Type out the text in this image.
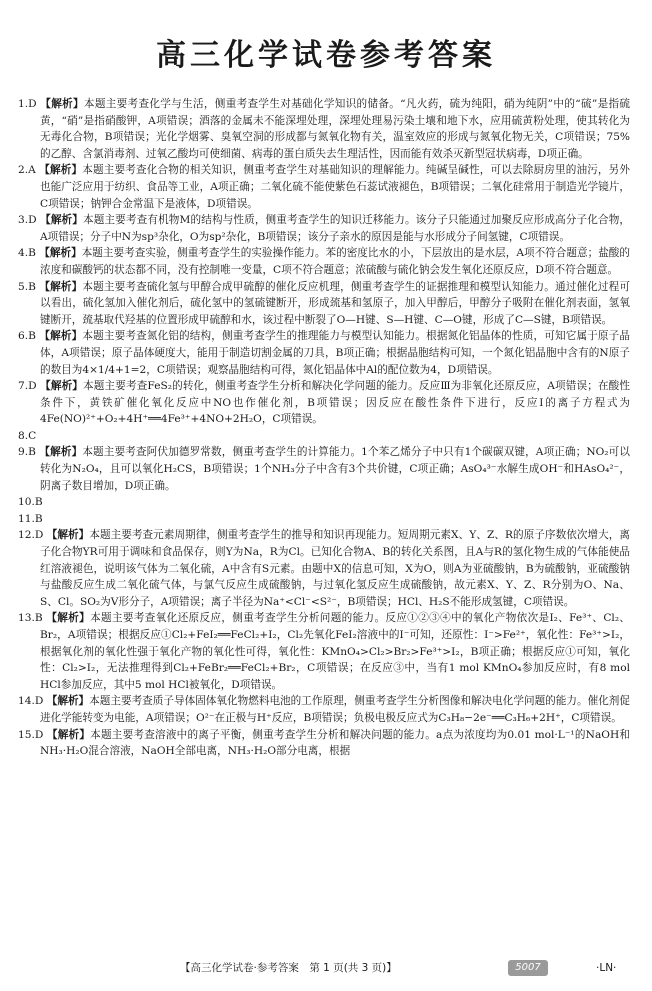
高三化学试卷参考答案

1.D 【解析】本题主要考查化学与生活，侧重考查学生对基础化学知识的储备。“凡火药，硫为纯阳，硝为纯阴”中的“硫”是指硫黄，“硝”是指硝酸钾，A项错误；酒落的金属未不能深埋处理，深埋处理易污染土壤和地下水，应用硫黄粉处理，使其转化为无毒化合物，B项错误；光化学烟雾、臭氧空洞的形成都与氮氧化物有关，温室效应的形成与氮氧化物无关，C项错误；75%的乙醇、含氯消毒剂、过氧乙酸均可使细菌、病毒的蛋白质失去生理活性，因而能有效杀灭新型冠状病毒，D项正确。

2.A 【解析】本题主要考查化合物的相关知识，侧重考查学生对基础知识的理解能力。纯碱呈碱性，可以去除厨房里的油污，另外也能广泛应用于纺织、食品等工业，A项正确；二氧化硫不能使紫色石蕊试液褪色，B项错误；二氧化硅常用于制造光学镜片，C项错误；钠钾合金常温下是液体，D项错误。

3.D 【解析】本题主要考查有机物M的结构与性质，侧重考查学生的知识迁移能力。该分子只能通过加聚反应形成高分子化合物，A项错误；分子中N为sp³杂化，O为sp²杂化，B项错误；该分子亲水的原因是能与水形成分子间氢键，C项错误。

4.B 【解析】本题主要考查实验，侧重考查学生的实验操作能力。苯的密度比水的小，下层放出的是水层，A项不符合题意；盐酸的浓度和碳酸钙的状态都不同，没有控制唯一变量，C项不符合题意；浓硫酸与硫化钠会发生氧化还原反应，D项不符合题意。

5.B 【解析】本题主要考查硫化氢与甲醇合成甲硫醇的催化反应机理，侧重考查学生的证据推理和模型认知能力。通过催化过程可以看出，硫化氢加入催化剂后，硫化氢中的氢硫键断开，形成巯基和氢原子，加入甲醇后，甲醇分子吸附在催化剂表面，氢氧键断开，巯基取代羟基的位置形成甲硫醇和水，该过程中断裂了O—H键、S—H键、C—O键，形成了C—S键，B项错误。

6.B 【解析】本题主要考查氮化铝的结构，侧重考查学生的推理能力与模型认知能力。根据氮化铝晶体的性质，可知它属于原子晶体，A项错误；原子晶体硬度大，能用于制造切割金属的刀具，B项正确；根据晶胞结构可知，一个氮化铝晶胞中含有的N原子的数目为4×1/4+1=2，C项错误；观察晶胞结构可得，氮化铝晶体中Al的配位数为4，D项错误。

7.D 【解析】本题主要考查FeS₂的转化，侧重考查学生分析和解决化学问题的能力。反应Ⅲ为非氧化还原反应，A项错误；在酸性条件下，黄铁矿催化氧化反应中NO也作催化剂，B项错误；因反应在酸性条件下进行，反应Ⅰ的离子方程式为4Fe(NO)²⁺+O₂+4H⁺══4Fe³⁺+4NO+2H₂O，C项错误。

8.C

9.B 【解析】本题主要考查阿伏加德罗常数，侧重考查学生的计算能力。1个苯乙烯分子中只有1个碳碳双键，A项正确；NO₂可以转化为N₂O₄，且可以氧化H₂CS，B项错误；1个NH₃分子中含有3个共价键，C项正确；AsO₄³⁻水解生成OH⁻和HAsO₄²⁻，阴离子数目增加，D项正确。

10.B

11.B

12.D 【解析】本题主要考查元素周期律，侧重考查学生的推导和知识再现能力。短周期元素X、Y、Z、R的原子序数依次增大，离子化合物YR可用于调味和食品保存，则Y为Na，R为Cl。已知化合物A、B的转化关系图，且A与R的氢化物生成的气体能使品红溶液褪色，说明该气体为二氧化硫，A中含有S元素。由题中X的信息可知，X为O，则A为亚硫酸钠，B为硫酸钠，亚硫酸钠与盐酸反应生成二氧化硫气体，与氯气反应生成硫酸钠，与过氧化氢反应生成硫酸钠，故元素X、Y、Z、R分别为O、Na、S、Cl。SO₂为V形分子，A项错误；离子半径为Na⁺<Cl⁻<S²⁻，B项错误；HCl、H₂S不能形成氢键，C项错误。

13.B 【解析】本题主要考查氧化还原反应，侧重考查学生分析问题的能力。反应①②③④中的氧化产物依次是I₂、Fe³⁺、Cl₂、Br₂，A项错误；根据反应①Cl₂+FeI₂══FeCl₂+I₂，Cl₂先氧化FeI₂溶液中的I⁻可知，还原性：I⁻>Fe²⁺，氧化性：Fe³⁺>I₂，根据氧化剂的氧化性强于氧化产物的氧化性可得，氧化性：KMnO₄>Cl₂>Br₂>Fe³⁺>I₂，B项正确；根据反应①可知，氧化性：Cl₂>I₂，无法推理得到Cl₂+FeBr₂══FeCl₂+Br₂，C项错误；在反应③中，当有1 mol KMnO₄参加反应时，有8 mol HCl参加反应，其中5 mol HCl被氧化，D项错误。

14.D 【解析】本题主要考查质子导体固体氧化物燃料电池的工作原理，侧重考查学生分析图像和解决电化学问题的能力。催化剂促进化学能转变为电能，A项错误；O²⁻在正极与H⁺反应，B项错误；负极电极反应式为C₃H₈−2e⁻══C₃H₆+2H⁺，C项错误。

15.D 【解析】本题主要考查溶液中的离子平衡，侧重考查学生分析和解决问题的能力。a点为浓度均为0.01 mol·L⁻¹的NaOH和NH₃·H₂O混合溶液，NaOH全部电离，NH₃·H₂O部分电离，根据

【高三化学试卷·参考答案　第 1 页(共 3 页)】	5007	·LN·
